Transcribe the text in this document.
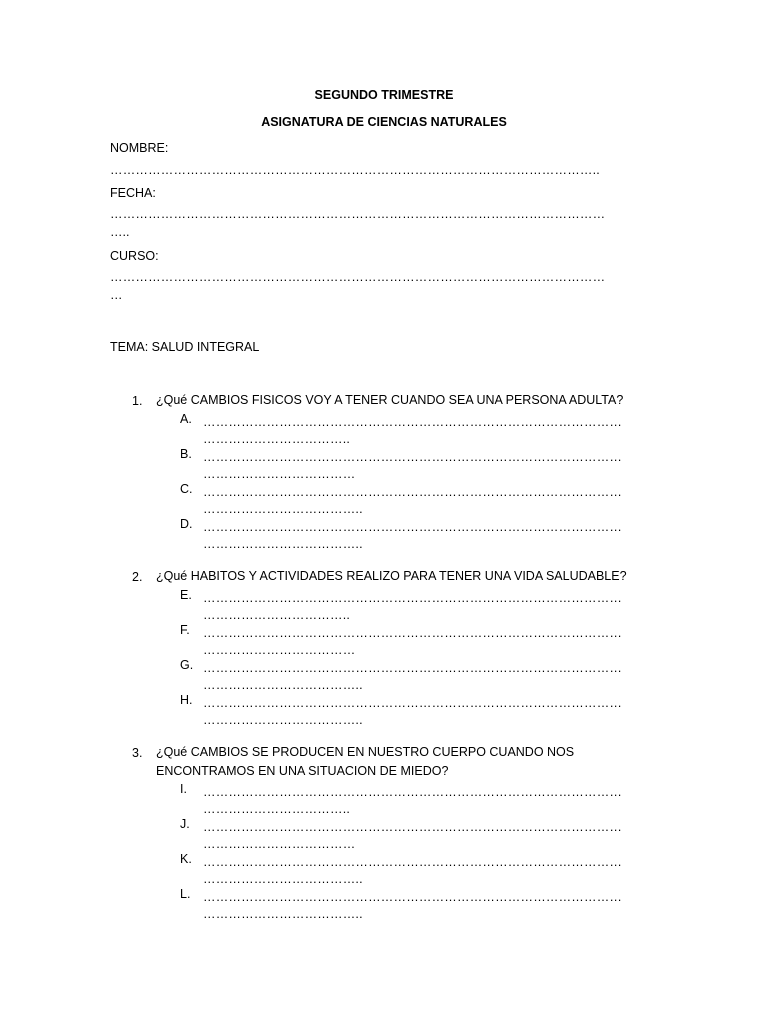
SEGUNDO TRIMESTRE
ASIGNATURA DE CIENCIAS NATURALES
NOMBRE:
……………………………………………………………………………………………………..
FECHA:
………………………………………………………………………………………………………
…..
CURSO:
………………………………………………………………………………………………………
…
TEMA: SALUD INTEGRAL
1. ¿Qué CAMBIOS FISICOS VOY A TENER CUANDO SEA UNA PERSONA ADULTA?
A. ………………………………………………………………………………………
……………………………..
B. ………………………………………………………………………………………
………………………………
C. ………………………………………………………………………………………
………………………………..
D. ………………………………………………………………………………………
………………………………..
2. ¿Qué HABITOS Y ACTIVIDADES REALIZO PARA TENER UNA VIDA SALUDABLE?
E. ………………………………………………………………………………………
……………………………..
F. ………………………………………………………………………………………
………………………………
G. ………………………………………………………………………………………
………………………………..
H. ………………………………………………………………………………………
………………………………..
3. ¿Qué CAMBIOS SE PRODUCEN EN NUESTRO CUERPO CUANDO NOS ENCONTRAMOS EN UNA SITUACION DE MIEDO?
I. ………………………………………………………………………………………
……………………………..
J. ………………………………………………………………………………………
………………………………
K. ………………………………………………………………………………………
………………………………..
L. ………………………………………………………………………………………
………………………………..
